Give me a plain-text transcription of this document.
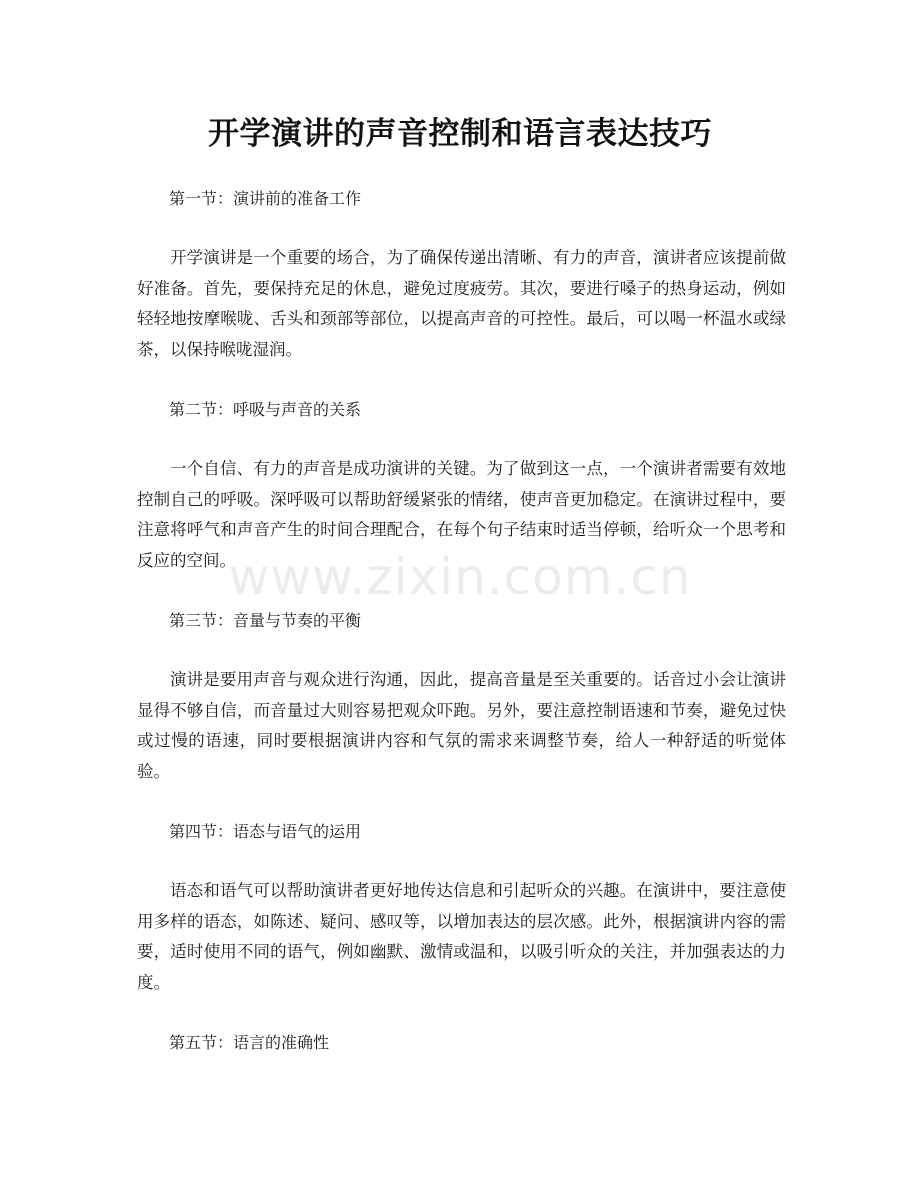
开学演讲的声音控制和语言表达技巧

第一节：演讲前的准备工作

开学演讲是一个重要的场合，为了确保传递出清晰、有力的声音，演讲者应该提前做好准备。首先，要保持充足的休息，避免过度疲劳。其次，要进行嗓子的热身运动，例如轻轻地按摩喉咙、舌头和颈部等部位，以提高声音的可控性。最后，可以喝一杯温水或绿茶，以保持喉咙湿润。

第二节：呼吸与声音的关系

一个自信、有力的声音是成功演讲的关键。为了做到这一点，一个演讲者需要有效地控制自己的呼吸。深呼吸可以帮助舒缓紧张的情绪，使声音更加稳定。在演讲过程中，要注意将呼气和声音产生的时间合理配合，在每个句子结束时适当停顿，给听众一个思考和反应的空间。

第三节：音量与节奏的平衡

演讲是要用声音与观众进行沟通，因此，提高音量是至关重要的。话音过小会让演讲显得不够自信，而音量过大则容易把观众吓跑。另外，要注意控制语速和节奏，避免过快或过慢的语速，同时要根据演讲内容和气氛的需求来调整节奏，给人一种舒适的听觉体验。

第四节：语态与语气的运用

语态和语气可以帮助演讲者更好地传达信息和引起听众的兴趣。在演讲中，要注意使用多样的语态，如陈述、疑问、感叹等，以增加表达的层次感。此外，根据演讲内容的需要，适时使用不同的语气，例如幽默、激情或温和，以吸引听众的关注，并加强表达的力度。

第五节：语言的准确性

www.zixin.com.cn
